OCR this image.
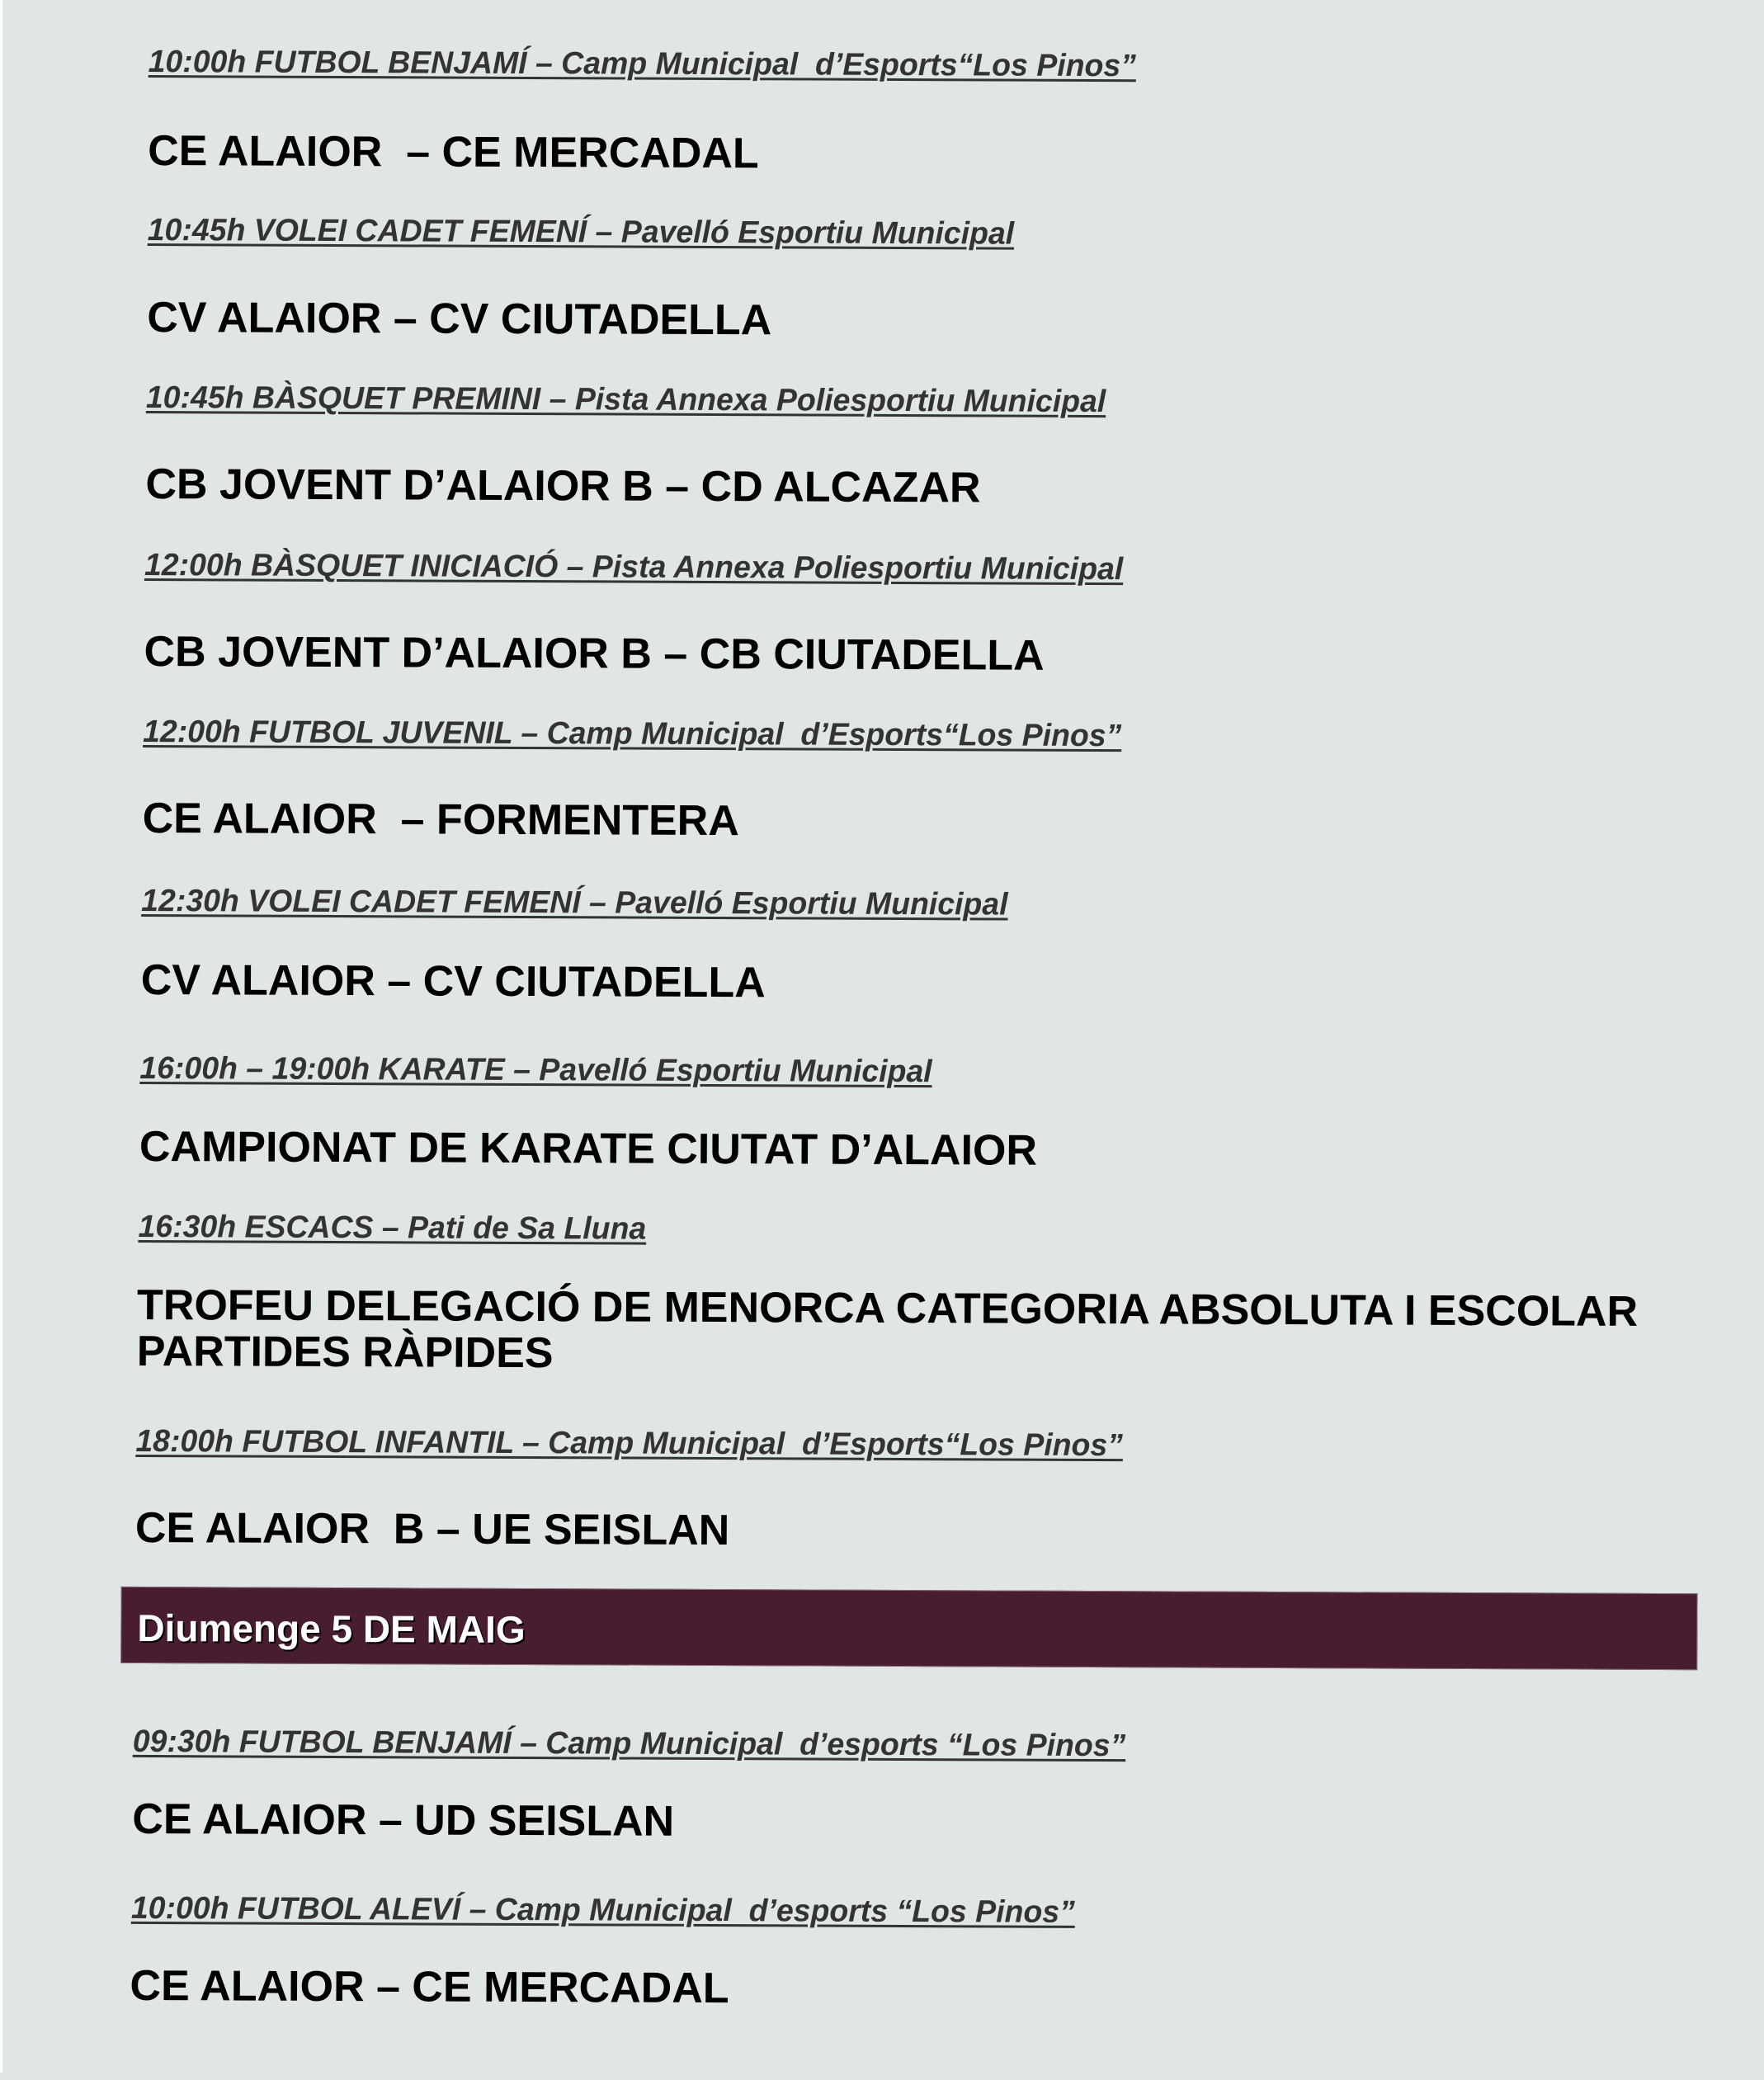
10:00h FUTBOL BENJAMÍ – Camp Municipal  d’Esports“Los Pinos”
CE ALAIOR  – CE MERCADAL
10:45h VOLEI CADET FEMENÍ – Pavelló Esportiu Municipal
CV ALAIOR – CV CIUTADELLA
10:45h BÀSQUET PREMINI – Pista Annexa Poliesportiu Municipal
CB JOVENT D’ALAIOR B – CD ALCAZAR
12:00h BÀSQUET INICIACIÓ – Pista Annexa Poliesportiu Municipal
CB JOVENT D’ALAIOR B – CB CIUTADELLA
12:00h FUTBOL JUVENIL – Camp Municipal  d’Esports“Los Pinos”
CE ALAIOR  – FORMENTERA
12:30h VOLEI CADET FEMENÍ – Pavelló Esportiu Municipal
CV ALAIOR – CV CIUTADELLA
16:00h – 19:00h KARATE – Pavelló Esportiu Municipal
CAMPIONAT DE KARATE CIUTAT D’ALAIOR
16:30h ESCACS – Pati de Sa Lluna
TROFEU DELEGACIÓ DE MENORCA CATEGORIA ABSOLUTA I ESCOLAR
PARTIDES RÀPIDES
18:00h FUTBOL INFANTIL – Camp Municipal  d’Esports“Los Pinos”
CE ALAIOR  B – UE SEISLAN
Diumenge 5 DE MAIG
09:30h FUTBOL BENJAMÍ – Camp Municipal  d’esports “Los Pinos”
CE ALAIOR – UD SEISLAN
10:00h FUTBOL ALEVÍ – Camp Municipal  d’esports “Los Pinos”
CE ALAIOR – CE MERCADAL
